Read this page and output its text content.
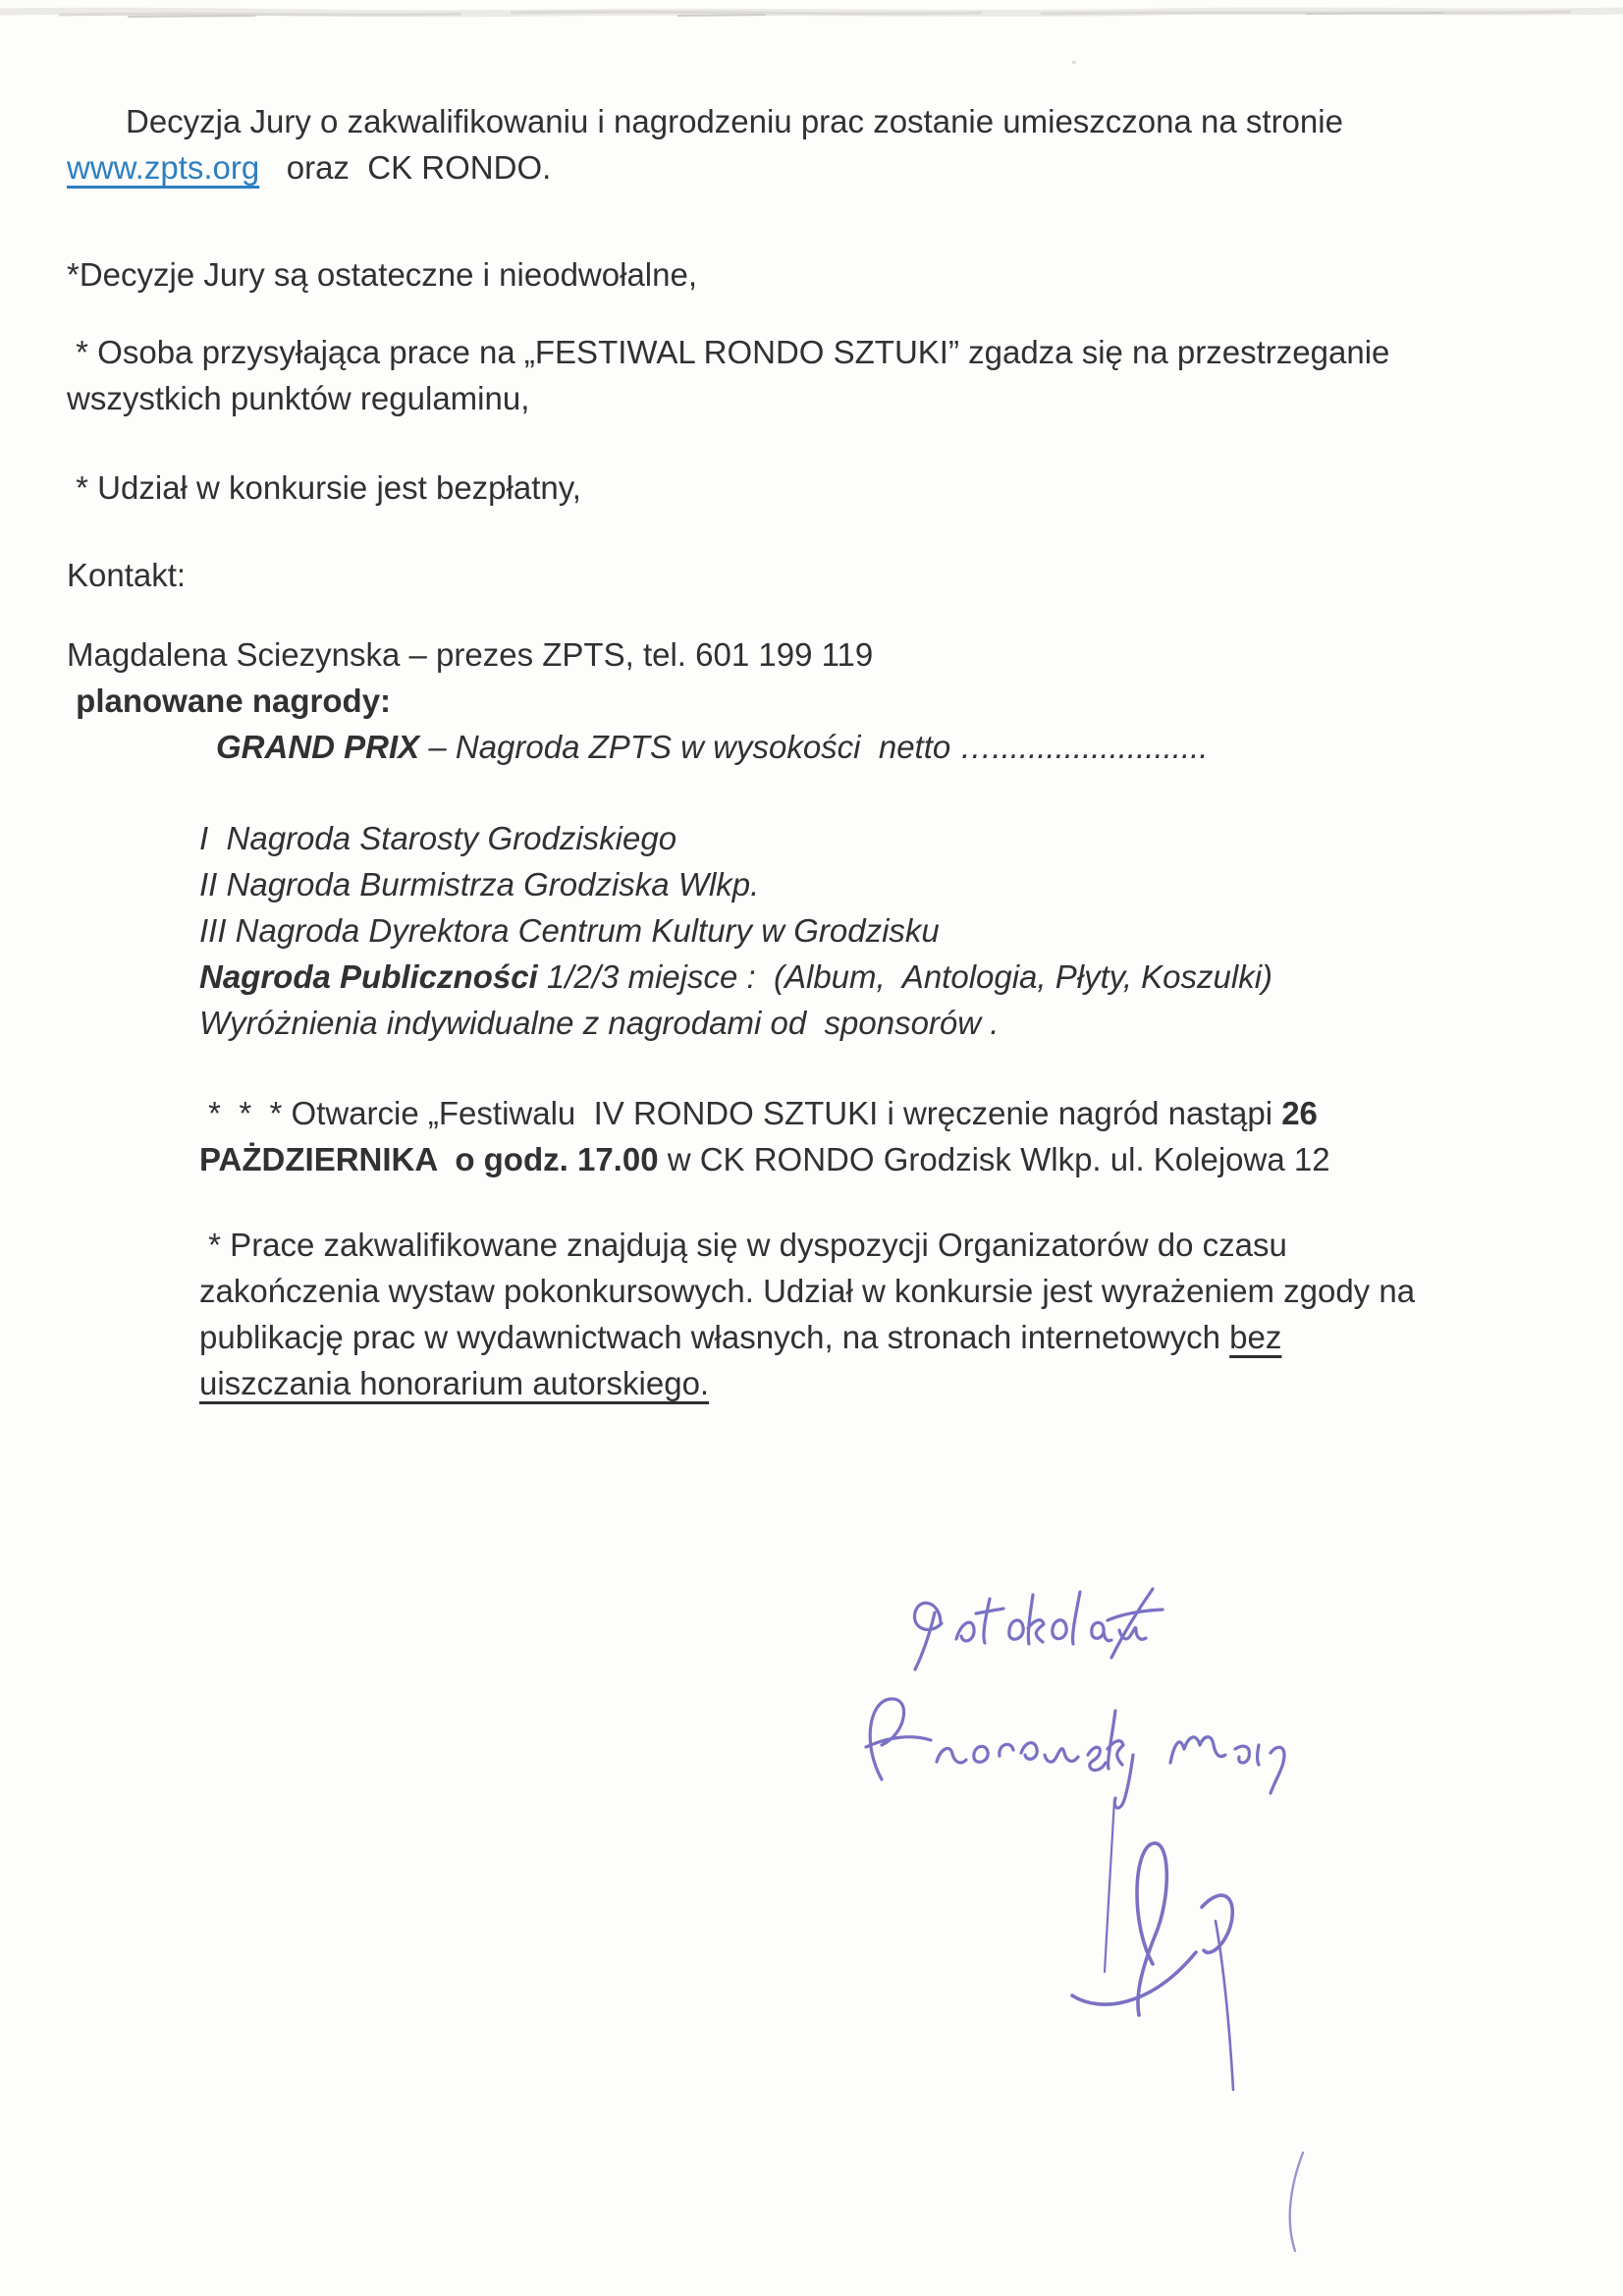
Decyzja Jury o zakwalifikowaniu i nagrodzeniu prac zostanie umieszczona na stronie
www.zpts.org   oraz  CK RONDO.

*Decyzje Jury są ostateczne i nieodwołalne,

* Osoba przysyłająca prace na „FESTIWAL RONDO SZTUKI” zgadza się na przestrzeganie
wszystkich punktów regulaminu,

* Udział w konkursie jest bezpłatny,

Kontakt:

Magdalena Sciezynska – prezes ZPTS, tel. 601 199 119

planowane nagrody:

GRAND PRIX – Nagroda ZPTS w wysokości  netto …........................

I  Nagroda Starosty Grodziskiego
II Nagroda Burmistrza Grodziska Wlkp.
III Nagroda Dyrektora Centrum Kultury w Grodzisku
Nagroda Publiczności 1/2/3 miejsce :  (Album,  Antologia, Płyty, Koszulki)
Wyróżnienia indywidualne z nagrodami od  sponsorów .

*  *  * Otwarcie „Festiwalu  IV RONDO SZTUKI i wręczenie nagród nastąpi 26
PAŻDZIERNIKA  o godz. 17.00 w CK RONDO Grodzisk Wlkp. ul. Kolejowa 12

* Prace zakwalifikowane znajdują się w dyspozycji Organizatorów do czasu
zakończenia wystaw pokonkursowych. Udział w konkursie jest wyrażeniem zgody na
publikację prac w wydawnictwach własnych, na stronach internetowych bez
uiszczania honorarium autorskiego.
